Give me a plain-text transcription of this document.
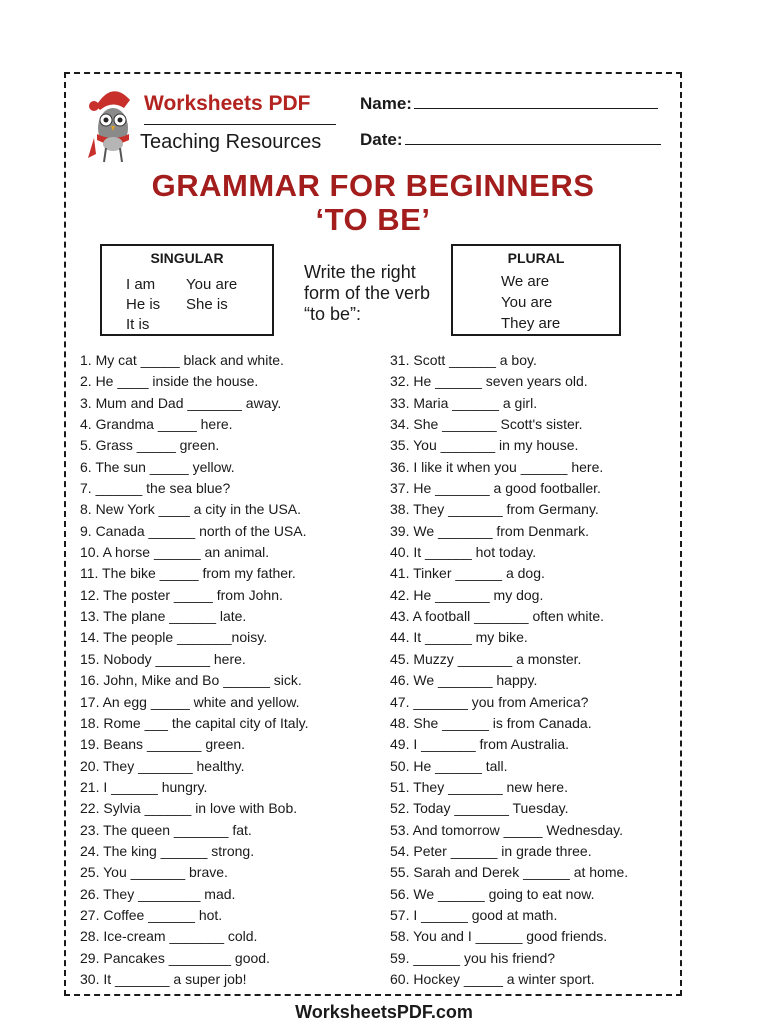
Worksheets PDF
Teaching Resources
Name:
Date:
GRAMMAR FOR BEGINNERS
‘TO BE’
SINGULAR
I am You are
He is She is
It is
Write the right form of the verb “to be”:
PLURAL
We are
You are
They are
1. My cat _____ black and white.
2. He ____ inside the house.
3. Mum and Dad _______ away.
4. Grandma _____ here.
5. Grass _____ green.
6. The sun _____ yellow.
7. ______ the sea blue?
8. New York ____ a city in the USA.
9. Canada ______ north of the USA.
10. A horse ______ an animal.
11. The bike _____ from my father.
12. The poster _____ from John.
13. The plane ______ late.
14. The people _______noisy.
15. Nobody _______ here.
16. John, Mike and Bo ______ sick.
17. An egg _____ white and yellow.
18. Rome ___ the capital city of Italy.
19. Beans _______ green.
20. They _______ healthy.
21. I ______ hungry.
22. Sylvia ______ in love with Bob.
23. The queen _______ fat.
24. The king ______ strong.
25. You _______ brave.
26. They ________ mad.
27. Coffee ______ hot.
28. Ice-cream _______ cold.
29. Pancakes ________ good.
30. It _______ a super job!
31. Scott ______ a boy.
32. He ______ seven years old.
33. Maria ______ a girl.
34. She _______ Scott's sister.
35. You _______ in my house.
36. I like it when you ______ here.
37. He _______ a good footballer.
38. They _______ from Germany.
39. We _______ from Denmark.
40. It ______ hot today.
41. Tinker ______ a dog.
42. He _______ my dog.
43. A football _______ often white.
44. It ______ my bike.
45. Muzzy _______ a monster.
46. We _______ happy.
47. _______ you from America?
48. She ______ is from Canada.
49. I _______ from Australia.
50. He ______ tall.
51. They _______ new here.
52. Today _______ Tuesday.
53. And tomorrow _____ Wednesday.
54. Peter ______ in grade three.
55. Sarah and Derek ______ at home.
56. We ______ going to eat now.
57. I ______ good at math.
58. You and I ______ good friends.
59. ______ you his friend?
60. Hockey _____ a winter sport.
WorksheetsPDF.com
